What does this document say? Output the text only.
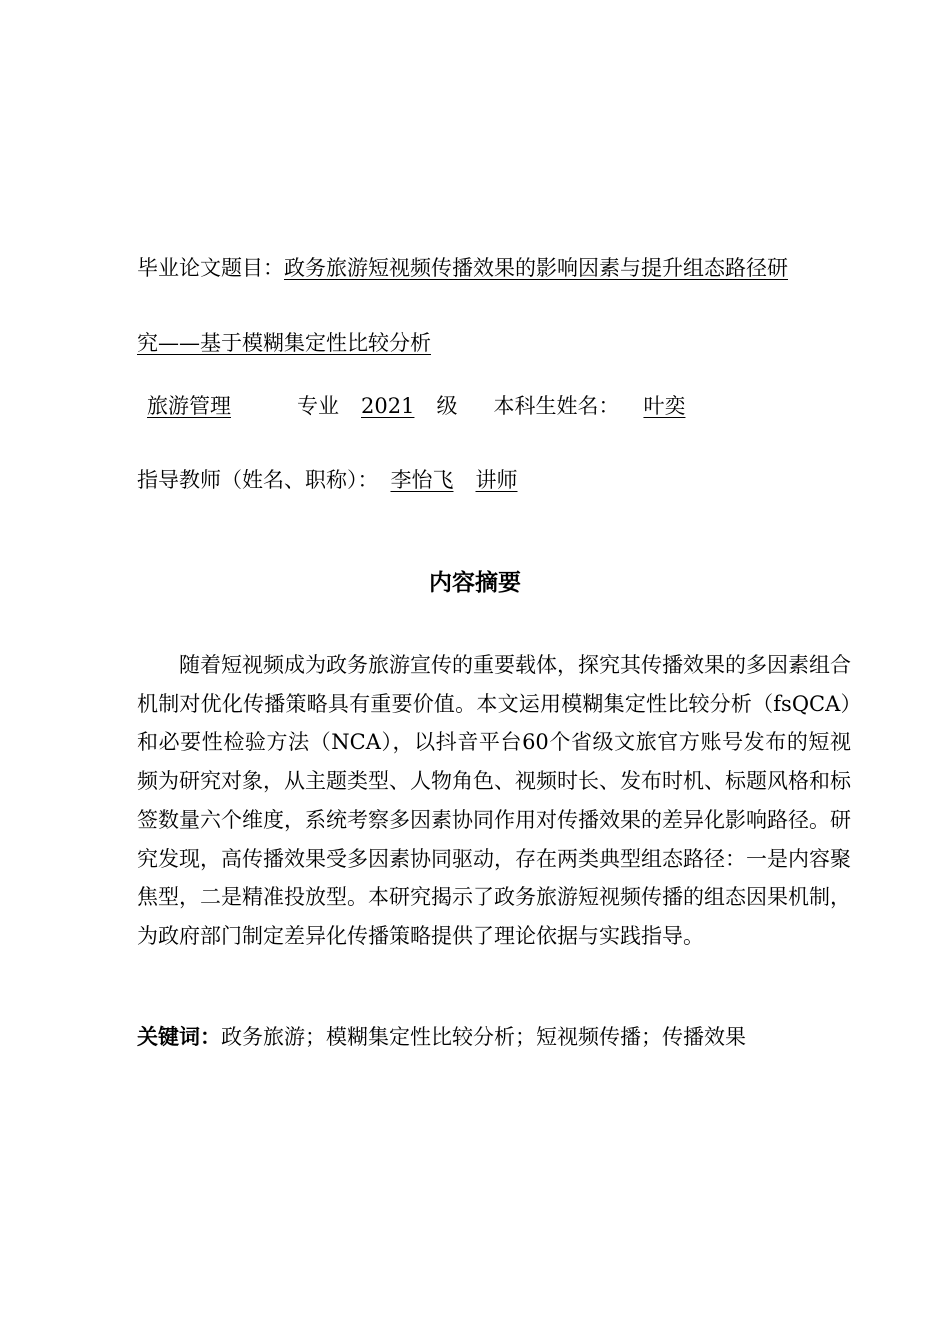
毕业论文题目：政务旅游短视频传播效果的影响因素与提升组态路径研
究——基于模糊集定性比较分析
旅游管理	专业 2021 级 本科生姓名： 叶奕
指导教师（姓名、职称）： 李怡飞 讲师
内容摘要

随着短视频成为政务旅游宣传的重要载体，探究其传播效果的多因素组合机制对优化传播策略具有重要价值。本文运用模糊集定性比较分析（fsQCA）和必要性检验方法（NCA），以抖音平台60个省级文旅官方账号发布的短视频为研究对象，从主题类型、人物角色、视频时长、发布时机、标题风格和标签数量六个维度，系统考察多因素协同作用对传播效果的差异化影响路径。研究发现，高传播效果受多因素协同驱动，存在两类典型组态路径：一是内容聚焦型，二是精准投放型。本研究揭示了政务旅游短视频传播的组态因果机制，为政府部门制定差异化传播策略提供了理论依据与实践指导。

关键词：政务旅游；模糊集定性比较分析；短视频传播；传播效果
